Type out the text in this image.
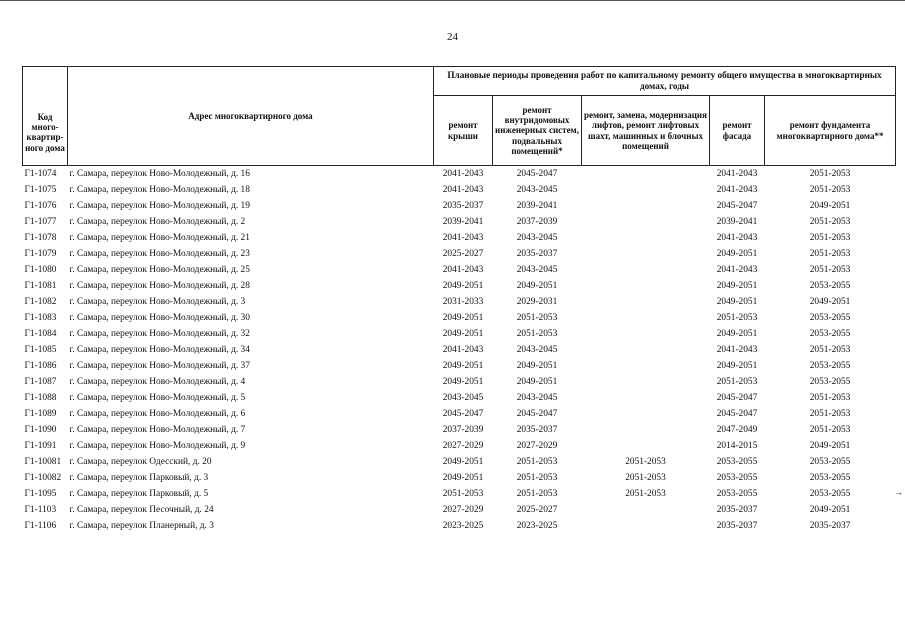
24
Код много-квартир-ного дома	Адрес многоквартирного дома	Плановые периоды проведения работ по капитальному ремонту общего имущества в многоквартирных домах, годы				
		ремонт крыши	ремонт внутридомовых инженерных систем, подвальных помещений*	ремонт, замена, модернизация лифтов, ремонт лифтовых шахт, машинных и блочных помещений	ремонт фасада	ремонт фундамента многоквартирного дома**
Г1-1074	г. Самара, переулок Ново-Молодежный, д. 16	2041-2043	2045-2047		2041-2043	2051-2053
Г1-1075	г. Самара, переулок Ново-Молодежный, д. 18	2041-2043	2043-2045		2041-2043	2051-2053
Г1-1076	г. Самара, переулок Ново-Молодежный, д. 19	2035-2037	2039-2041		2045-2047	2049-2051
Г1-1077	г. Самара, переулок Ново-Молодежный, д. 2	2039-2041	2037-2039		2039-2041	2051-2053
Г1-1078	г. Самара, переулок Ново-Молодежный, д. 21	2041-2043	2043-2045		2041-2043	2051-2053
Г1-1079	г. Самара, переулок Ново-Молодежный, д. 23	2025-2027	2035-2037		2049-2051	2051-2053
Г1-1080	г. Самара, переулок Ново-Молодежный, д. 25	2041-2043	2043-2045		2041-2043	2051-2053
Г1-1081	г. Самара, переулок Ново-Молодежный, д. 28	2049-2051	2049-2051		2049-2051	2053-2055
Г1-1082	г. Самара, переулок Ново-Молодежный, д. 3	2031-2033	2029-2031		2049-2051	2049-2051
Г1-1083	г. Самара, переулок Ново-Молодежный, д. 30	2049-2051	2051-2053		2051-2053	2053-2055
Г1-1084	г. Самара, переулок Ново-Молодежный, д. 32	2049-2051	2051-2053		2049-2051	2053-2055
Г1-1085	г. Самара, переулок Ново-Молодежный, д. 34	2041-2043	2043-2045		2041-2043	2051-2053
Г1-1086	г. Самара, переулок Ново-Молодежный, д. 37	2049-2051	2049-2051		2049-2051	2053-2055
Г1-1087	г. Самара, переулок Ново-Молодежный, д. 4	2049-2051	2049-2051		2051-2053	2053-2055
Г1-1088	г. Самара, переулок Ново-Молодежный, д. 5	2043-2045	2043-2045		2045-2047	2051-2053
Г1-1089	г. Самара, переулок Ново-Молодежный, д. 6	2045-2047	2045-2047		2045-2047	2051-2053
Г1-1090	г. Самара, переулок Ново-Молодежный, д. 7	2037-2039	2035-2037		2047-2049	2051-2053
Г1-1091	г. Самара, переулок Ново-Молодежный, д. 9	2027-2029	2027-2029		2014-2015	2049-2051
Г1-10081	г. Самара, переулок Одесский, д. 20	2049-2051	2051-2053	2051-2053	2053-2055	2053-2055
Г1-10082	г. Самара, переулок Парковый, д. 3	2049-2051	2051-2053	2051-2053	2053-2055	2053-2055
Г1-1095	г. Самара, переулок Парковый, д. 5	2051-2053	2051-2053	2051-2053	2053-2055	2053-2055
Г1-1103	г. Самара, переулок Песочный, д. 24	2027-2029	2025-2027		2035-2037	2049-2051
Г1-1106	г. Самара, переулок Планерный, д. 3	2023-2025	2023-2025		2035-2037	2035-2037
→
